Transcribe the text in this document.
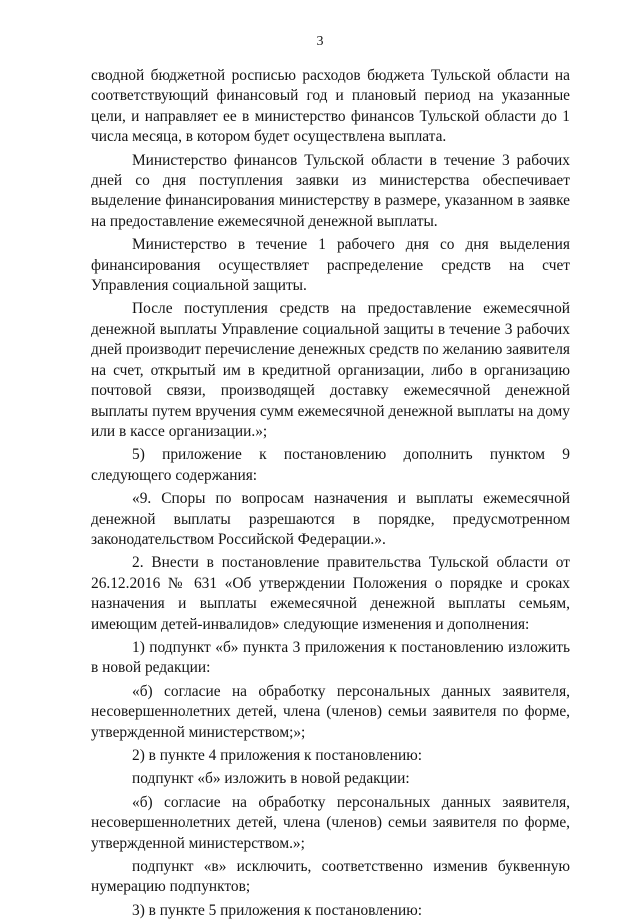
3

сводной бюджетной росписью расходов бюджета Тульской области на соответствующий финансовый год и плановый период на указанные цели, и направляет ее в министерство финансов Тульской области до 1 числа месяца, в котором будет осуществлена выплата.

Министерство финансов Тульской области в течение 3 рабочих дней со дня поступления заявки из министерства обеспечивает выделение финансирования министерству в размере, указанном в заявке на предоставление ежемесячной денежной выплаты.

Министерство в течение 1 рабочего дня со дня выделения финансирования осуществляет распределение средств на счет Управления социальной защиты.

После поступления средств на предоставление ежемесячной денежной выплаты Управление социальной защиты в течение 3 рабочих дней производит перечисление денежных средств по желанию заявителя на счет, открытый им в кредитной организации, либо в организацию почтовой связи, производящей доставку ежемесячной денежной выплаты путем вручения сумм ежемесячной денежной выплаты на дому или в кассе организации.»;

5) приложение к постановлению дополнить пунктом 9 следующего содержания:

«9. Споры по вопросам назначения и выплаты ежемесячной денежной выплаты разрешаются в порядке, предусмотренном законодательством Российской Федерации.».

2. Внести в постановление правительства Тульской области от 26.12.2016 № 631 «Об утверждении Положения о порядке и сроках назначения и выплаты ежемесячной денежной выплаты семьям, имеющим детей-инвалидов» следующие изменения и дополнения:

1) подпункт «б» пункта 3 приложения к постановлению изложить в новой редакции:

«б) согласие на обработку персональных данных заявителя, несовершеннолетних детей, члена (членов) семьи заявителя по форме, утвержденной министерством;»;

2) в пункте 4 приложения к постановлению:

подпункт «б» изложить в новой редакции:

«б) согласие на обработку персональных данных заявителя, несовершеннолетних детей, члена (членов) семьи заявителя по форме, утвержденной министерством.»;

подпункт «в» исключить, соответственно изменив буквенную нумерацию подпунктов;

3) в пункте 5 приложения к постановлению:
